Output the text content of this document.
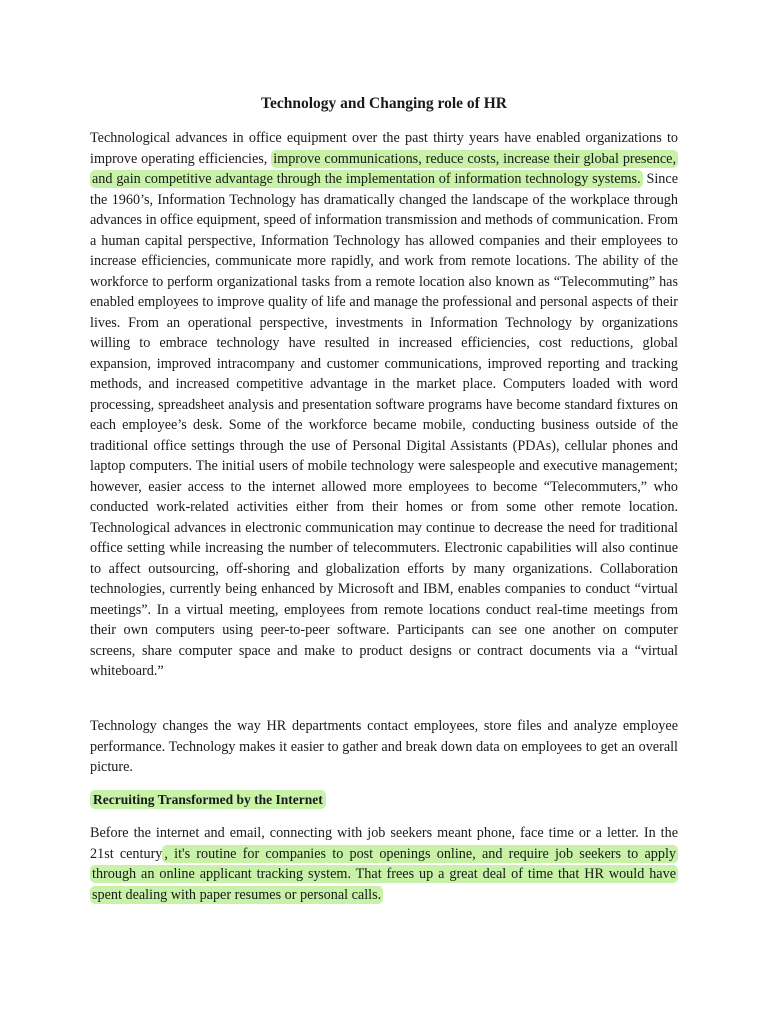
Technology and Changing role of HR

Technological advances in office equipment over the past thirty years have enabled organizations to improve operating efficiencies, improve communications, reduce costs, increase their global presence, and gain competitive advantage through the implementation of information technology systems. Since the 1960’s, Information Technology has dramatically changed the landscape of the workplace through advances in office equipment, speed of information transmission and methods of communication. From a human capital perspective, Information Technology has allowed companies and their employees to increase efficiencies, communicate more rapidly, and work from remote locations. The ability of the workforce to perform organizational tasks from a remote location also known as “Telecommuting” has enabled employees to improve quality of life and manage the professional and personal aspects of their lives. From an operational perspective, investments in Information Technology by organizations willing to embrace technology have resulted in increased efficiencies, cost reductions, global expansion, improved intracompany and customer communications, improved reporting and tracking methods, and increased competitive advantage in the market place. Computers loaded with word processing, spreadsheet analysis and presentation software programs have become standard fixtures on each employee’s desk. Some of the workforce became mobile, conducting business outside of the traditional office settings through the use of Personal Digital Assistants (PDAs), cellular phones and laptop computers. The initial users of mobile technology were salespeople and executive management; however, easier access to the internet allowed more employees to become “Telecommuters,” who conducted work-related activities either from their homes or from some other remote location. Technological advances in electronic communication may continue to decrease the need for traditional office setting while increasing the number of telecommuters. Electronic capabilities will also continue to affect outsourcing, off-shoring and globalization efforts by many organizations. Collaboration technologies, currently being enhanced by Microsoft and IBM, enables companies to conduct “virtual meetings”. In a virtual meeting, employees from remote locations conduct real-time meetings from their own computers using peer-to-peer software. Participants can see one another on computer screens, share computer space and make to product designs or contract documents via a “virtual whiteboard.”

Technology changes the way HR departments contact employees, store files and analyze employee performance. Technology makes it easier to gather and break down data on employees to get an overall picture.

Recruiting Transformed by the Internet

Before the internet and email, connecting with job seekers meant phone, face time or a letter. In the 21st century , it's routine for companies to post openings online, and require job seekers to apply through an online applicant tracking system. That frees up a great deal of time that HR would have spent dealing with paper resumes or personal calls.
